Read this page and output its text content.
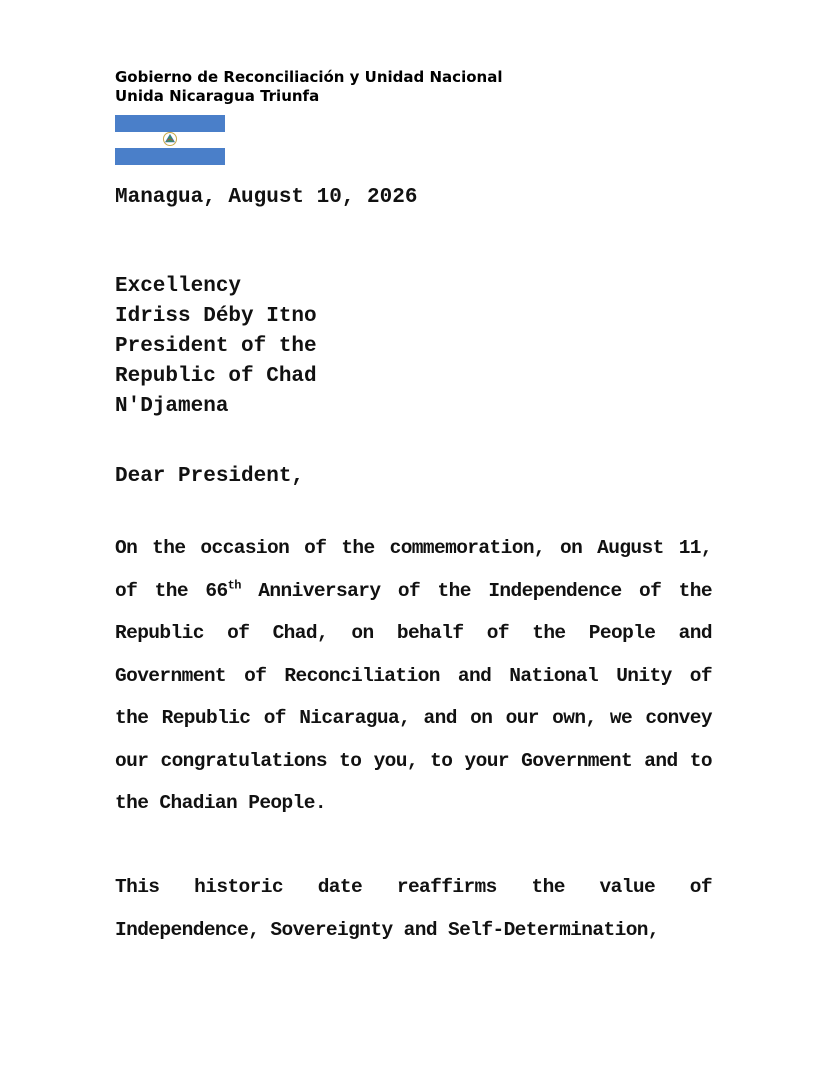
Gobierno de Reconciliación y Unidad Nacional
Unida Nicaragua Triunfa
Managua, August 10, 2026
Excellency
Idriss Déby Itno
President of the
Republic of Chad
N'Djamena
Dear President,
On the occasion of the commemoration, on August 11, of the 66th Anniversary of the Independence of the Republic of Chad, on behalf of the People and Government of Reconciliation and National Unity of the Republic of Nicaragua, and on our own, we convey our congratulations to you, to your Government and to the Chadian People.
This historic date reaffirms the value of Independence, Sovereignty and Self-Determination,
